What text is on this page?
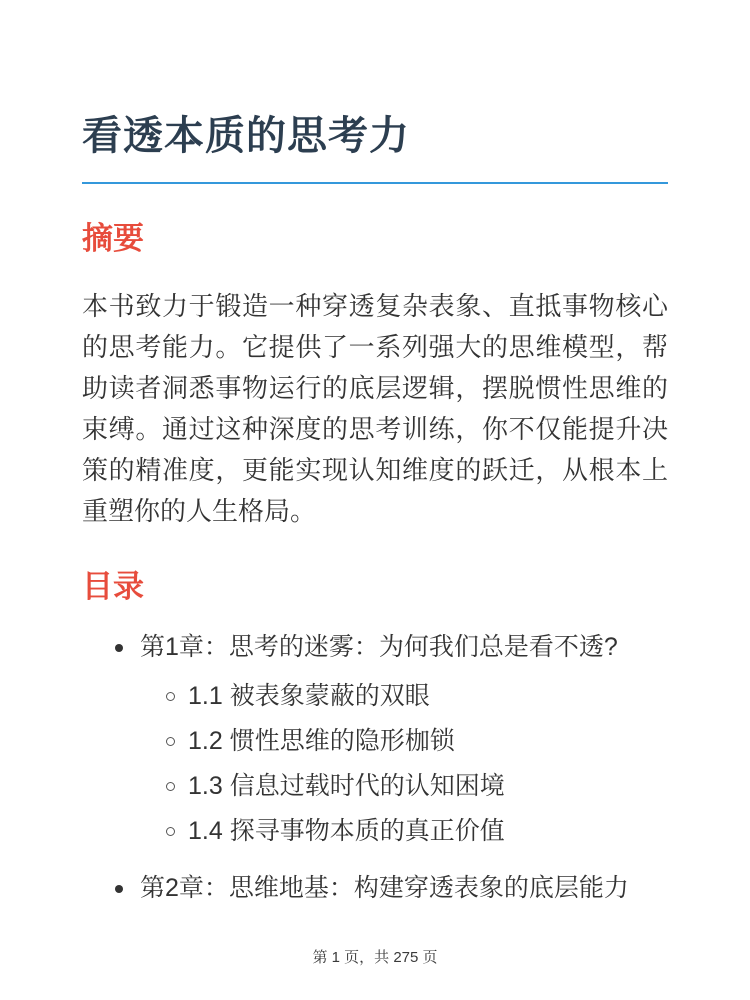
看透本质的思考力
摘要

本书致力于锻造一种穿透复杂表象、直抵事物核心的思考能力。它提供了一系列强大的思维模型，帮助读者洞悉事物运行的底层逻辑，摆脱惯性思维的束缚。通过这种深度的思考训练，你不仅能提升决策的精准度，更能实现认知维度的跃迁，从根本上重塑你的人生格局。

目录
第1章：思考的迷雾：为何我们总是看不透?
1.1 被表象蒙蔽的双眼
1.2 惯性思维的隐形枷锁
1.3 信息过载时代的认知困境
1.4 探寻事物本质的真正价值
第2章：思维地基：构建穿透表象的底层能力
第 1 页，共 275 页
